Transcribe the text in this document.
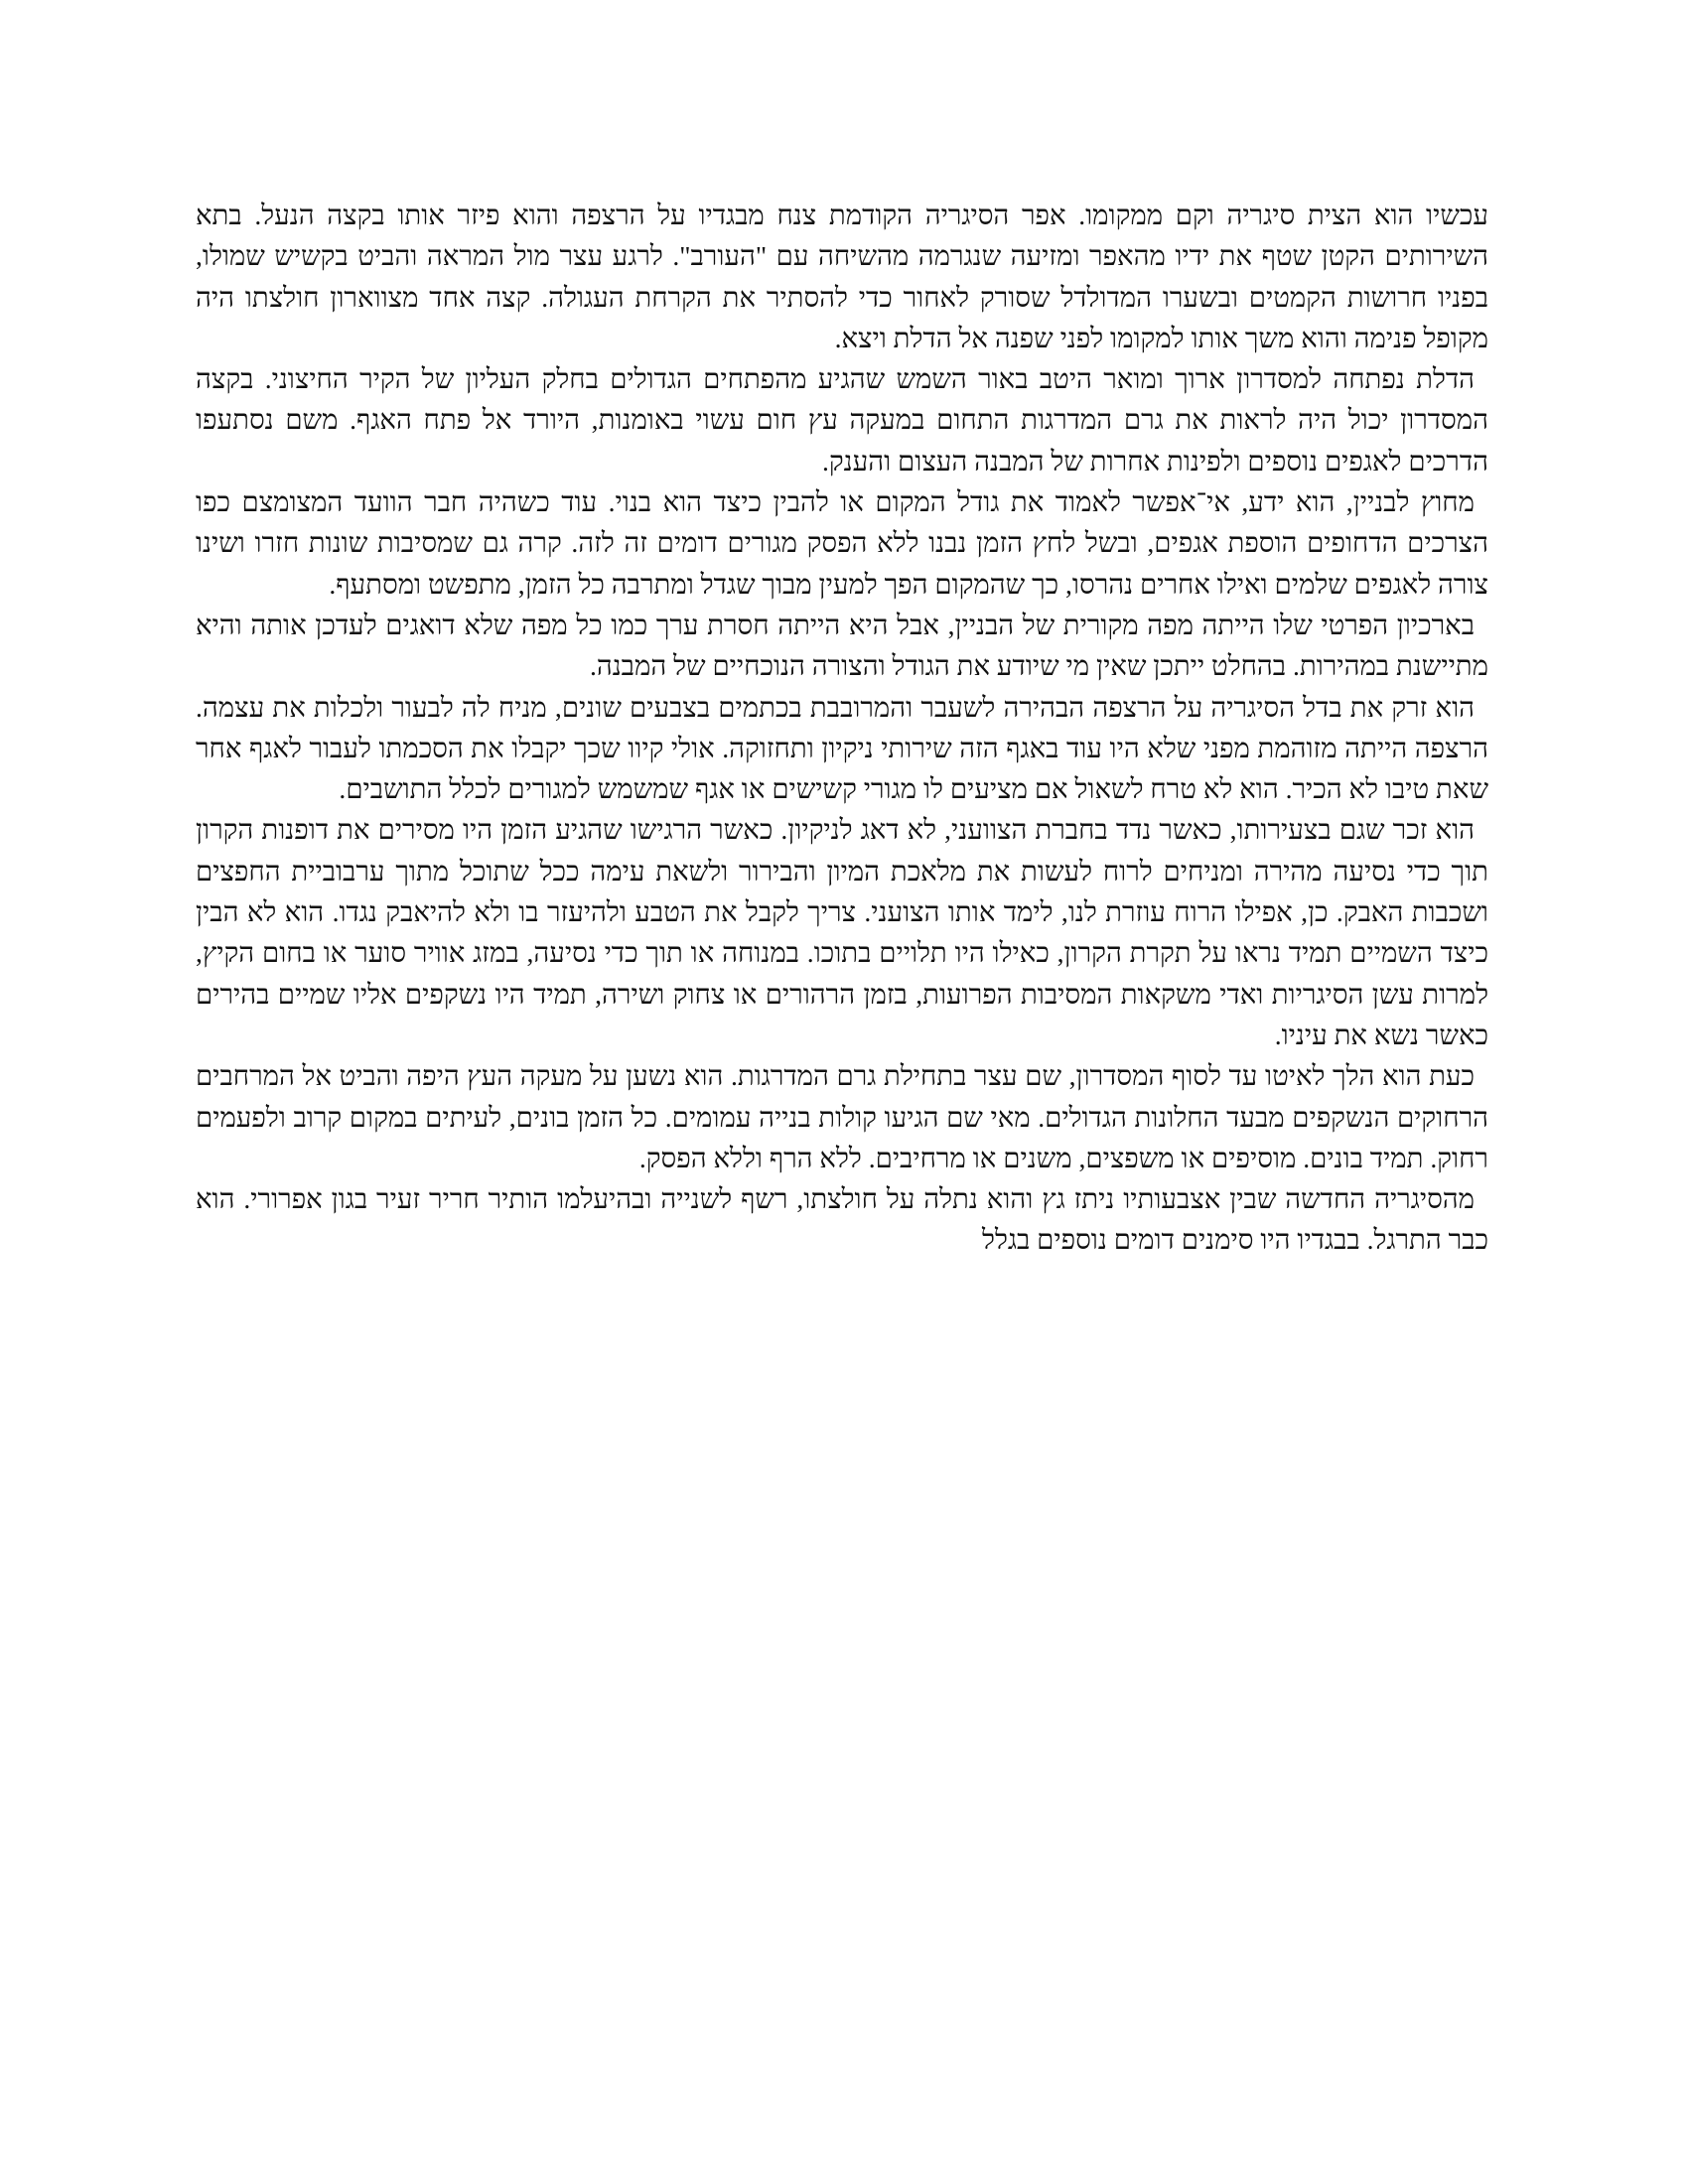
עכשיו הוא הצית סיגריה וקם ממקומו. אפר הסיגריה הקודמת צנח מבגדיו על הרצפה והוא פיזר אותו בקצה הנעל. בתא השירותים הקטן שטף את ידיו מהאפר ומזיעה שנגרמה מהשיחה עם "העורב". לרגע עצר מול המראה והביט בקשיש שמולו, בפניו חרושות הקמטים ובשערו המדולדל שסורק לאחור כדי להסתיר את הקרחת העגולה. קצה אחד מצווארון חולצתו היה מקופל פנימה והוא משך אותו למקומו לפני שפנה אל הדלת ויצא.

הדלת נפתחה למסדרון ארוך ומואר היטב באור השמש שהגיע מהפתחים הגדולים בחלק העליון של הקיר החיצוני. בקצה המסדרון יכול היה לראות את גרם המדרגות התחום במעקה עץ חום עשוי באומנות, היורד אל פתח האגף. משם נסתעפו הדרכים לאגפים נוספים ולפינות אחרות של המבנה העצום והענק.

מחוץ לבניין, הוא ידע, אי־אפשר לאמוד את גודל המקום או להבין כיצד הוא בנוי. עוד כשהיה חבר הוועד המצומצם כפו הצרכים הדחופים הוספת אגפים, ובשל לחץ הזמן נבנו ללא הפסק מגורים דומים זה לזה. קרה גם שמסיבות שונות חזרו ושינו צורה לאגפים שלמים ואילו אחרים נהרסו, כך שהמקום הפך למעין מבוך שגדל ומתרבה כל הזמן, מתפשט ומסתעף.

בארכיון הפרטי שלו הייתה מפה מקורית של הבניין, אבל היא הייתה חסרת ערך כמו כל מפה שלא דואגים לעדכן אותה והיא מתיישנת במהירות. בהחלט ייתכן שאין מי שיודע את הגודל והצורה הנוכחיים של המבנה.

הוא זרק את בדל הסיגריה על הרצפה הבהירה לשעבר והמרובבת בכתמים בצבעים שונים, מניח לה לבעור ולכלות את עצמה. הרצפה הייתה מזוהמת מפני שלא היו עוד באגף הזה שירותי ניקיון ותחזוקה. אולי קיוו שכך יקבלו את הסכמתו לעבור לאגף אחר שאת טיבו לא הכיר. הוא לא טרח לשאול אם מציעים לו מגורי קשישים או אגף שמשמש למגורים לכלל התושבים.

הוא זכר שגם בצעירותו, כאשר נדד בחברת הצוועני, לא דאג לניקיון. כאשר הרגישו שהגיע הזמן היו מסירים את דופנות הקרון תוך כדי נסיעה מהירה ומניחים לרוח לעשות את מלאכת המיון והבירור ולשאת עימה ככל שתוכל מתוך ערבוביית החפצים ושכבות האבק. כן, אפילו הרוח עוזרת לנו, לימד אותו הצועני. צריך לקבל את הטבע ולהיעזר בו ולא להיאבק נגדו. הוא לא הבין כיצד השמיים תמיד נראו על תקרת הקרון, כאילו היו תלויים בתוכו. במנוחה או תוך כדי נסיעה, במזג אוויר סוער או בחום הקיץ, למרות עשן הסיגריות ואדי משקאות המסיבות הפרועות, בזמן הרהורים או צחוק ושירה, תמיד היו נשקפים אליו שמיים בהירים כאשר נשא את עיניו.

כעת הוא הלך לאיטו עד לסוף המסדרון, שם עצר בתחילת גרם המדרגות. הוא נשען על מעקה העץ היפה והביט אל המרחבים הרחוקים הנשקפים מבעד החלונות הגדולים. מאי שם הגיעו קולות בנייה עמומים. כל הזמן בונים, לעיתים במקום קרוב ולפעמים רחוק. תמיד בונים. מוסיפים או משפצים, משנים או מרחיבים. ללא הרף וללא הפסק.

מהסיגריה החדשה שבין אצבעותיו ניתז גץ והוא נתלה על חולצתו, רשף לשנייה ובהיעלמו הותיר חריר זעיר בגון אפרורי. הוא כבר התרגל. בבגדיו היו סימנים דומים נוספים בגלל
